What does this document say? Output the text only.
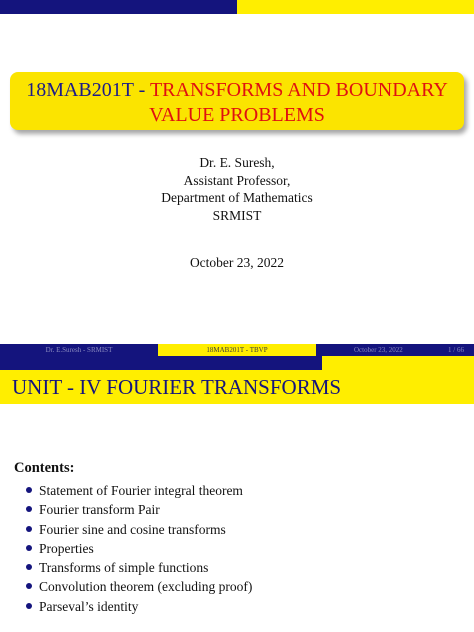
18MAB201T - TRANSFORMS AND BOUNDARY
VALUE PROBLEMS
Dr. E. Suresh,
Assistant Professor,
Department of Mathematics
SRMIST
October 23, 2022
Dr. E.Suresh - SRMIST	18MAB201T - TBVP	October 23, 2022	1 / 66
UNIT - IV FOURIER TRANSFORMS
Contents:
Statement of Fourier integral theorem
Fourier transform Pair
Fourier sine and cosine transforms
Properties
Transforms of simple functions
Convolution theorem (excluding proof)
Parseval’s identity
